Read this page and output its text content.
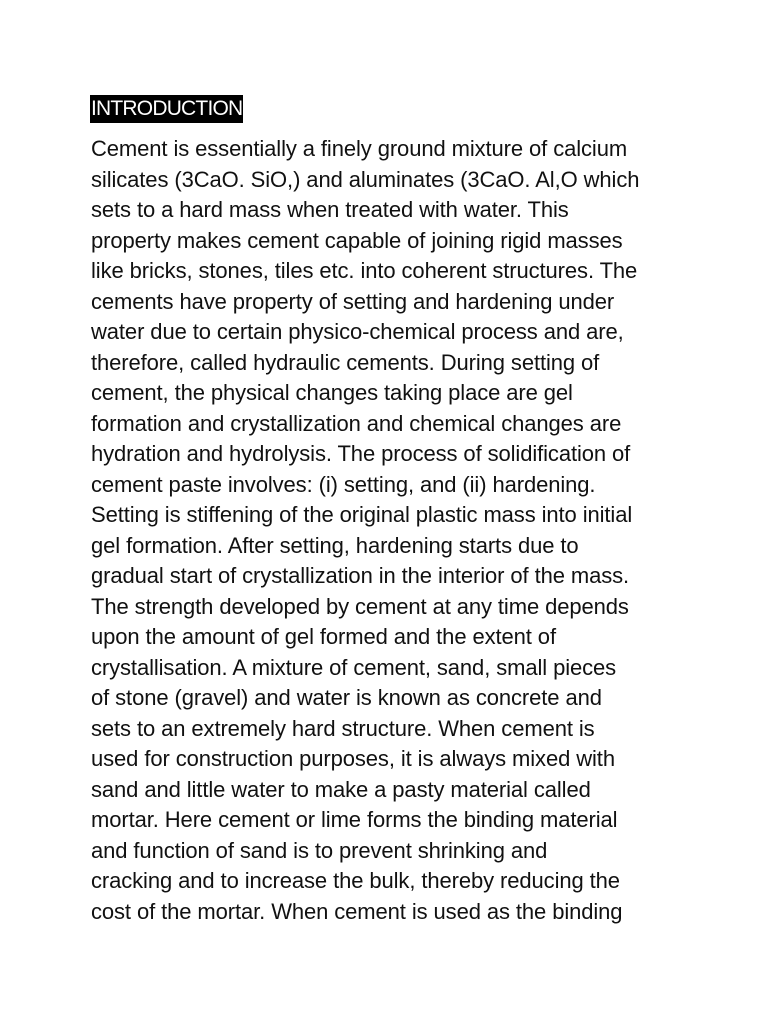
INTRODUCTION

Cement is essentially a finely ground mixture of calcium
silicates (3CaO. SiO,) and aluminates (3CaO. Al,O which
sets to a hard mass when treated with water. This
property makes cement capable of joining rigid masses
like bricks, stones, tiles etc. into coherent structures. The
cements have property of setting and hardening under
water due to certain physico-chemical process and are,
therefore, called hydraulic cements. During setting of
cement, the physical changes taking place are gel
formation and crystallization and chemical changes are
hydration and hydrolysis. The process of solidification of
cement paste involves: (i) setting, and (ii) hardening.
Setting is stiffening of the original plastic mass into initial
gel formation. After setting, hardening starts due to
gradual start of crystallization in the interior of the mass.
The strength developed by cement at any time depends
upon the amount of gel formed and the extent of
crystallisation. A mixture of cement, sand, small pieces
of stone (gravel) and water is known as concrete and
sets to an extremely hard structure. When cement is
used for construction purposes, it is always mixed with
sand and little water to make a pasty material called
mortar. Here cement or lime forms the binding material
and function of sand is to prevent shrinking and
cracking and to increase the bulk, thereby reducing the
cost of the mortar. When cement is used as the binding
